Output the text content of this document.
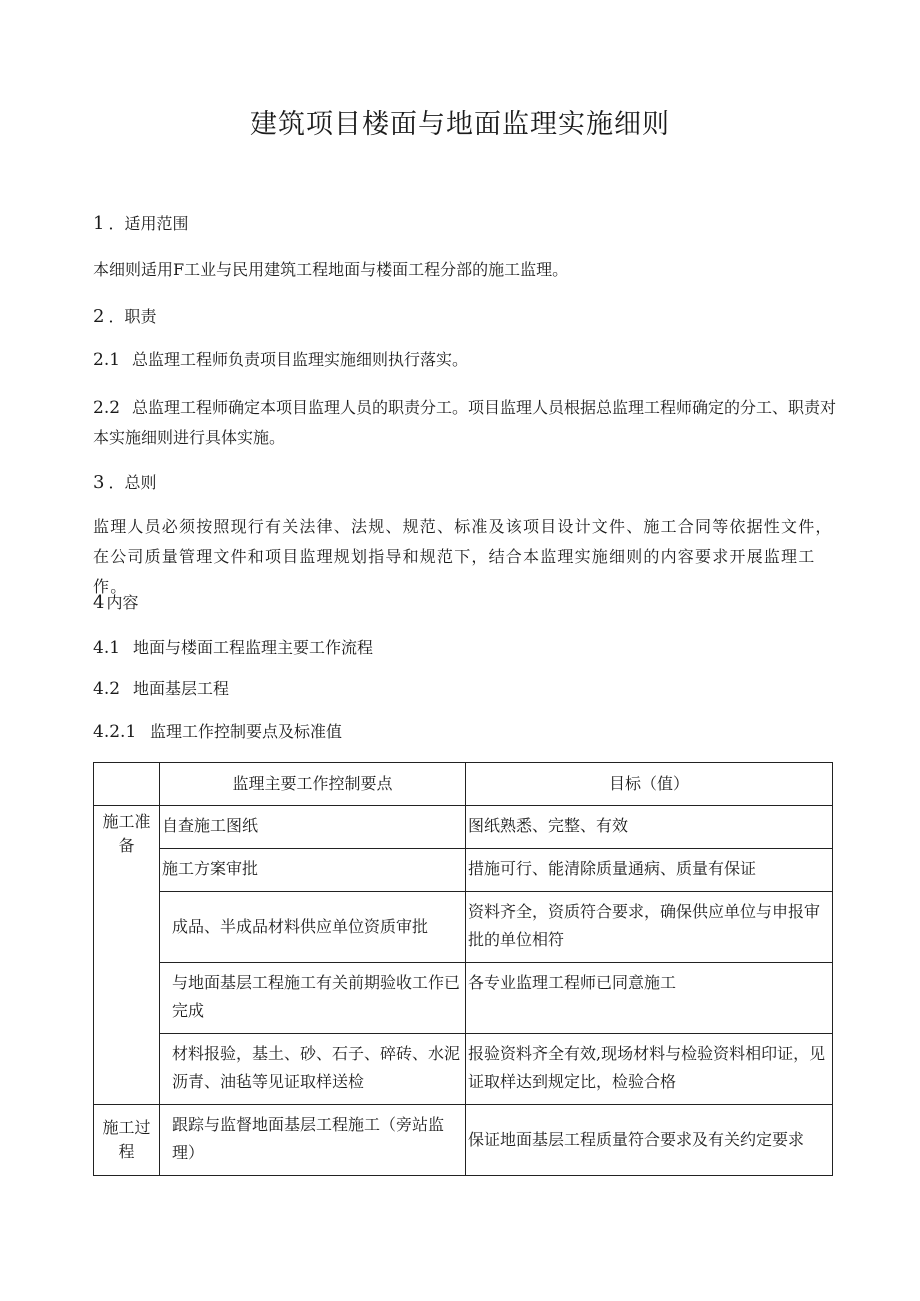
建筑项目楼面与地面监理实施细则
1 ．适用范围
本细则适用F工业与民用建筑工程地面与楼面工程分部的施工监理。
2 ．职责
2.1 总监理工程师负责项目监理实施细则执行落实。
2.2 总监理工程师确定本项目监理人员的职责分工。项目监理人员根据总监理工程师确定的分工、职责对本实施细则进行具体实施。
3 ．总则
监理人员必须按照现行有关法律、法规、规范、标准及该项目设计文件、施工合同等依据性文件，在公司质量管理文件和项目监理规划指导和规范下，结合本监理实施细则的内容要求开展监理工作。
4 内容
4.1 地面与楼面工程监理主要工作流程
4.2 地面基层工程
4.2.1 监理工作控制要点及标准值
	监理主要工作控制要点	目标（值）
施工准备	自查施工图纸	图纸熟悉、完整、有效
	施工方案审批	措施可行、能清除质量通病、质量有保证
	成品、半成品材料供应单位资质审批	资料齐全，资质符合要求，确保供应单位与申报审批的单位相符
	与地面基层工程施工有关前期验收工作已完成	各专业监理工程师已同意施工
	材料报验，基土、砂、石子、碎砖、水泥沥青、油毡等见证取样送检	报验资料齐全有效,现场材料与检验资料相印证，见证取样达到规定比，检验合格
施工过程	跟踪与监督地面基层工程施工（旁站监理）	保证地面基层工程质量符合要求及有关约定要求
